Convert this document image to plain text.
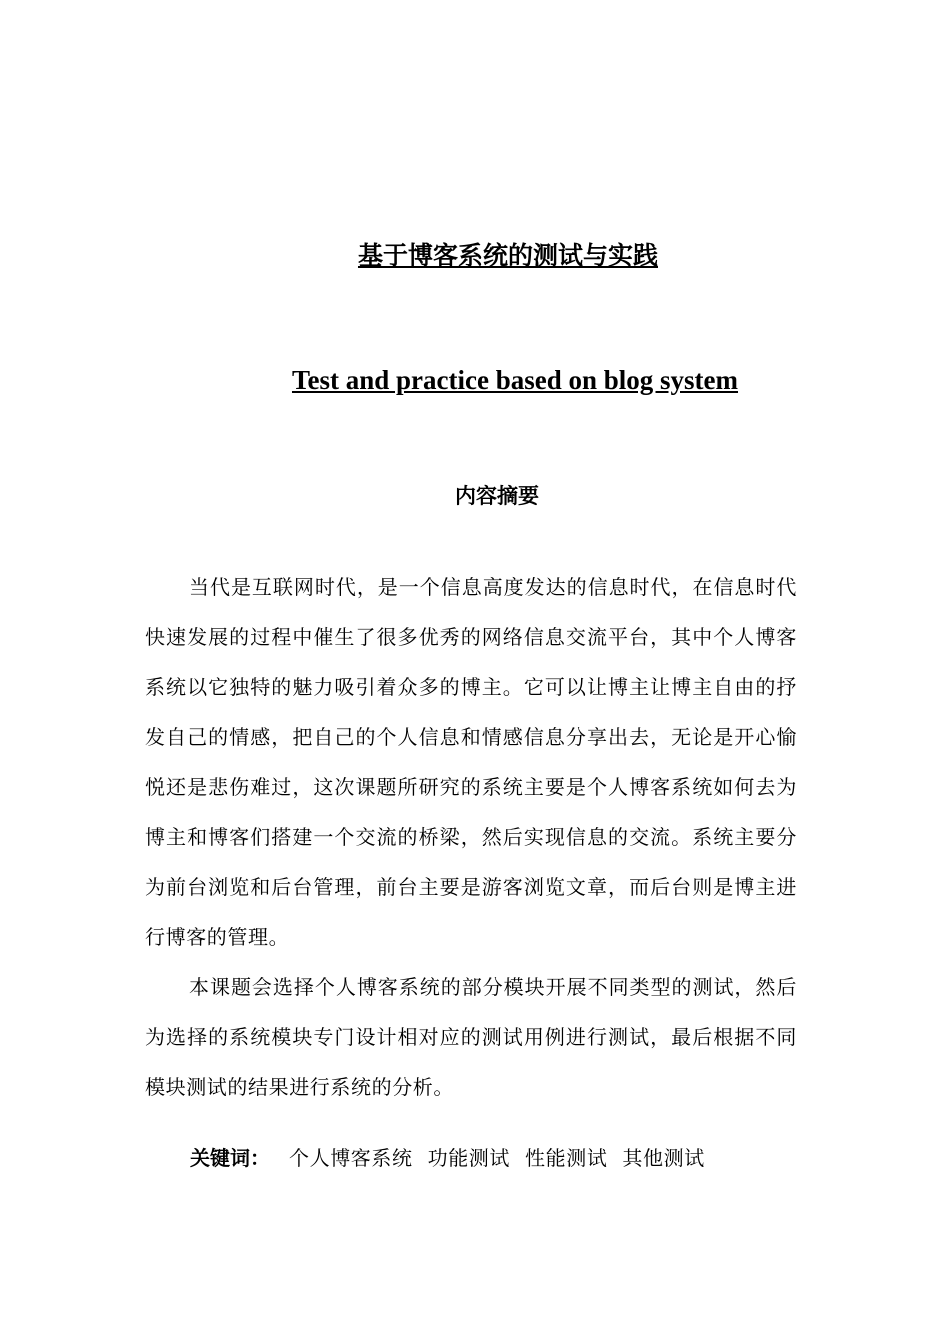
基于博客系统的测试与实践
Test and practice based on blog system
内容摘要

当代是互联网时代，是一个信息高度发达的信息时代，在信息时代快速发展的过程中催生了很多优秀的网络信息交流平台，其中个人博客系统以它独特的魅力吸引着众多的博主。它可以让博主让博主自由的抒发自己的情感，把自己的个人信息和情感信息分享出去，无论是开心愉悦还是悲伤难过，这次课题所研究的系统主要是个人博客系统如何去为博主和博客们搭建一个交流的桥梁，然后实现信息的交流。系统主要分为前台浏览和后台管理，前台主要是游客浏览文章，而后台则是博主进行博客的管理。

本课题会选择个人博客系统的部分模块开展不同类型的测试，然后为选择的系统模块专门设计相对应的测试用例进行测试，最后根据不同模块测试的结果进行系统的分析。

关键词： 个人博客系统 功能测试 性能测试 其他测试
